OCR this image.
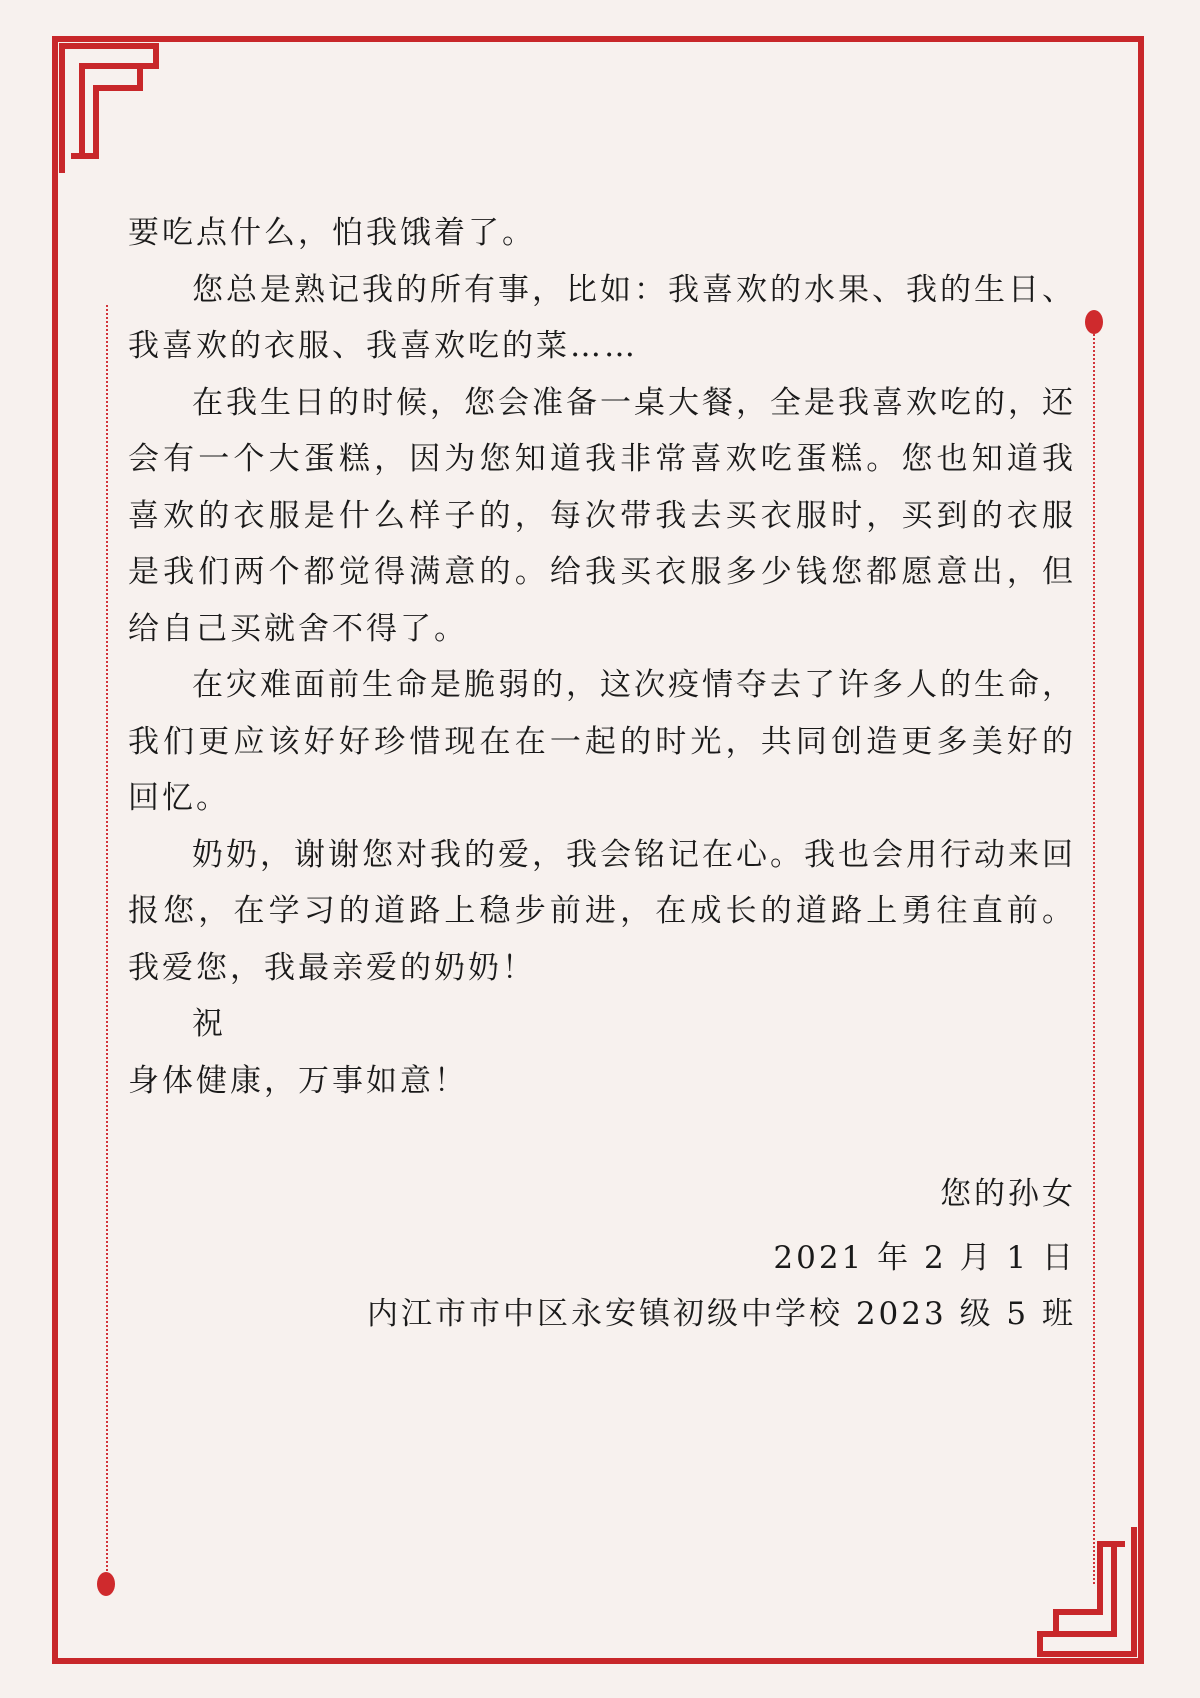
要吃点什么，怕我饿着了。

您总是熟记我的所有事，比如：我喜欢的水果、我的生日、我喜欢的衣服、我喜欢吃的菜……

在我生日的时候，您会准备一桌大餐，全是我喜欢吃的，还会有一个大蛋糕，因为您知道我非常喜欢吃蛋糕。您也知道我喜欢的衣服是什么样子的，每次带我去买衣服时，买到的衣服是我们两个都觉得满意的。给我买衣服多少钱您都愿意出，但给自己买就舍不得了。

在灾难面前生命是脆弱的，这次疫情夺去了许多人的生命，我们更应该好好珍惜现在在一起的时光，共同创造更多美好的回忆。

奶奶，谢谢您对我的爱，我会铭记在心。我也会用行动来回报您，在学习的道路上稳步前进，在成长的道路上勇往直前。我爱您，我最亲爱的奶奶！

祝

身体健康，万事如意！

您的孙女
2021 年 2 月 1 日
内江市市中区永安镇初级中学校 2023 级 5 班
